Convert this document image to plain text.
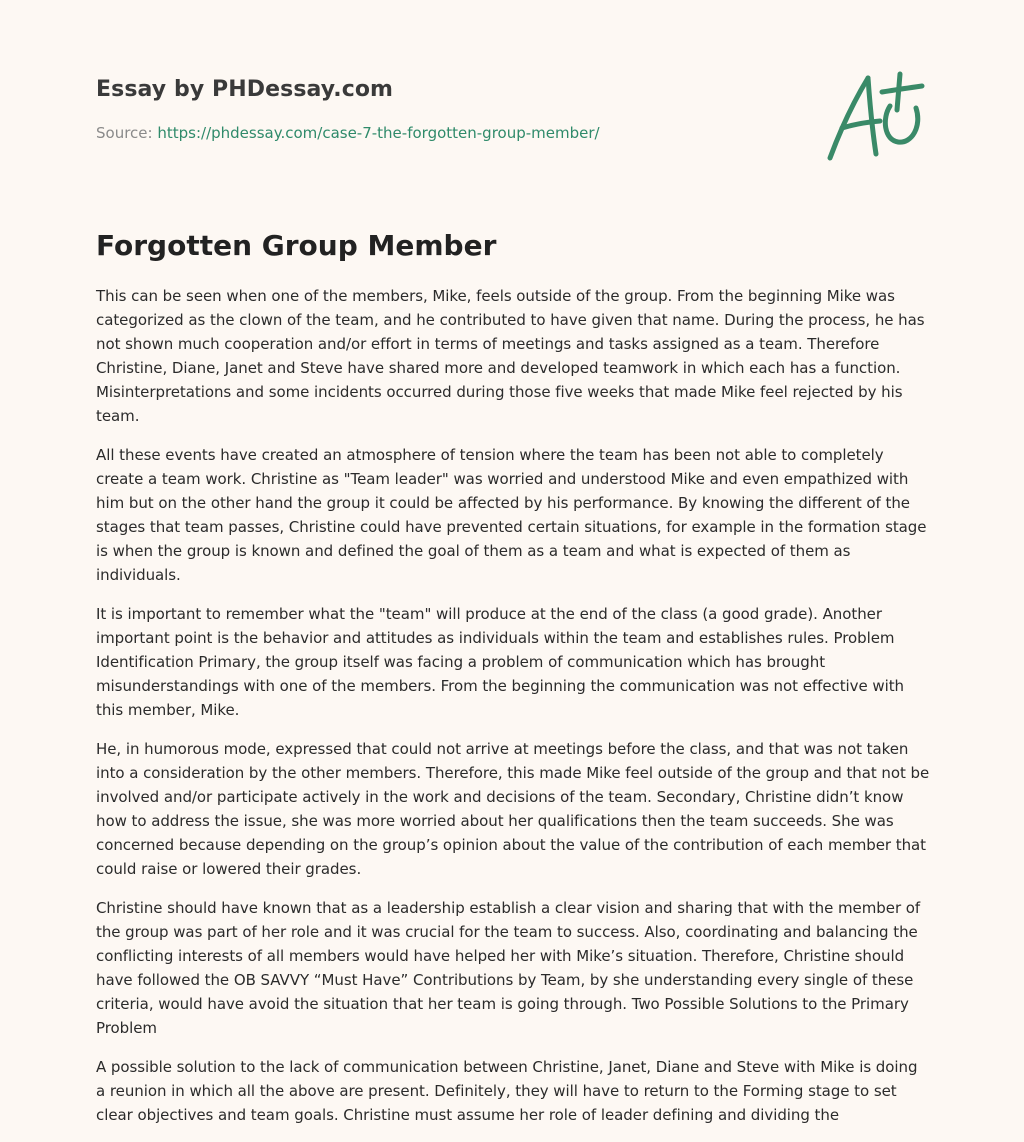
Essay by PHDessay.com
Source: https://phdessay.com/case-7-the-forgotten-group-member/
Forgotten Group Member

This can be seen when one of the members, Mike, feels outside of the group. From the beginning Mike was categorized as the clown of the team, and he contributed to have given that name. During the process, he has not shown much cooperation and/or effort in terms of meetings and tasks assigned as a team. Therefore Christine, Diane, Janet and Steve have shared more and developed teamwork in which each has a function. Misinterpretations and some incidents occurred during those five weeks that made Mike feel rejected by his team.

All these events have created an atmosphere of tension where the team has been not able to completely create a team work. Christine as "Team leader" was worried and understood Mike and even empathized with him but on the other hand the group it could be affected by his performance. By knowing the different of the stages that team passes, Christine could have prevented certain situations, for example in the formation stage is when the group is known and defined the goal of them as a team and what is expected of them as individuals.

It is important to remember what the "team" will produce at the end of the class (a good grade). Another important point is the behavior and attitudes as individuals within the team and establishes rules. Problem Identification Primary, the group itself was facing a problem of communication which has brought misunderstandings with one of the members. From the beginning the communication was not effective with this member, Mike.

He, in humorous mode, expressed that could not arrive at meetings before the class, and that was not taken into a consideration by the other members. Therefore, this made Mike feel outside of the group and that not be involved and/or participate actively in the work and decisions of the team. Secondary, Christine didn’t know how to address the issue, she was more worried about her qualifications then the team succeeds. She was concerned because depending on the group’s opinion about the value of the contribution of each member that could raise or lowered their grades.

Christine should have known that as a leadership establish a clear vision and sharing that with the member of the group was part of her role and it was crucial for the team to success. Also, coordinating and balancing the conflicting interests of all members would have helped her with Mike’s situation. Therefore, Christine should have followed the OB SAVVY “Must Have” Contributions by Team, by she understanding every single of these criteria, would have avoid the situation that her team is going through. Two Possible Solutions to the Primary Problem

A possible solution to the lack of communication between Christine, Janet, Diane and Steve with Mike is doing a reunion in which all the above are present. Definitely, they will have to return to the Forming stage to set clear objectives and team goals. Christine must assume her role of leader defining and dividing the
